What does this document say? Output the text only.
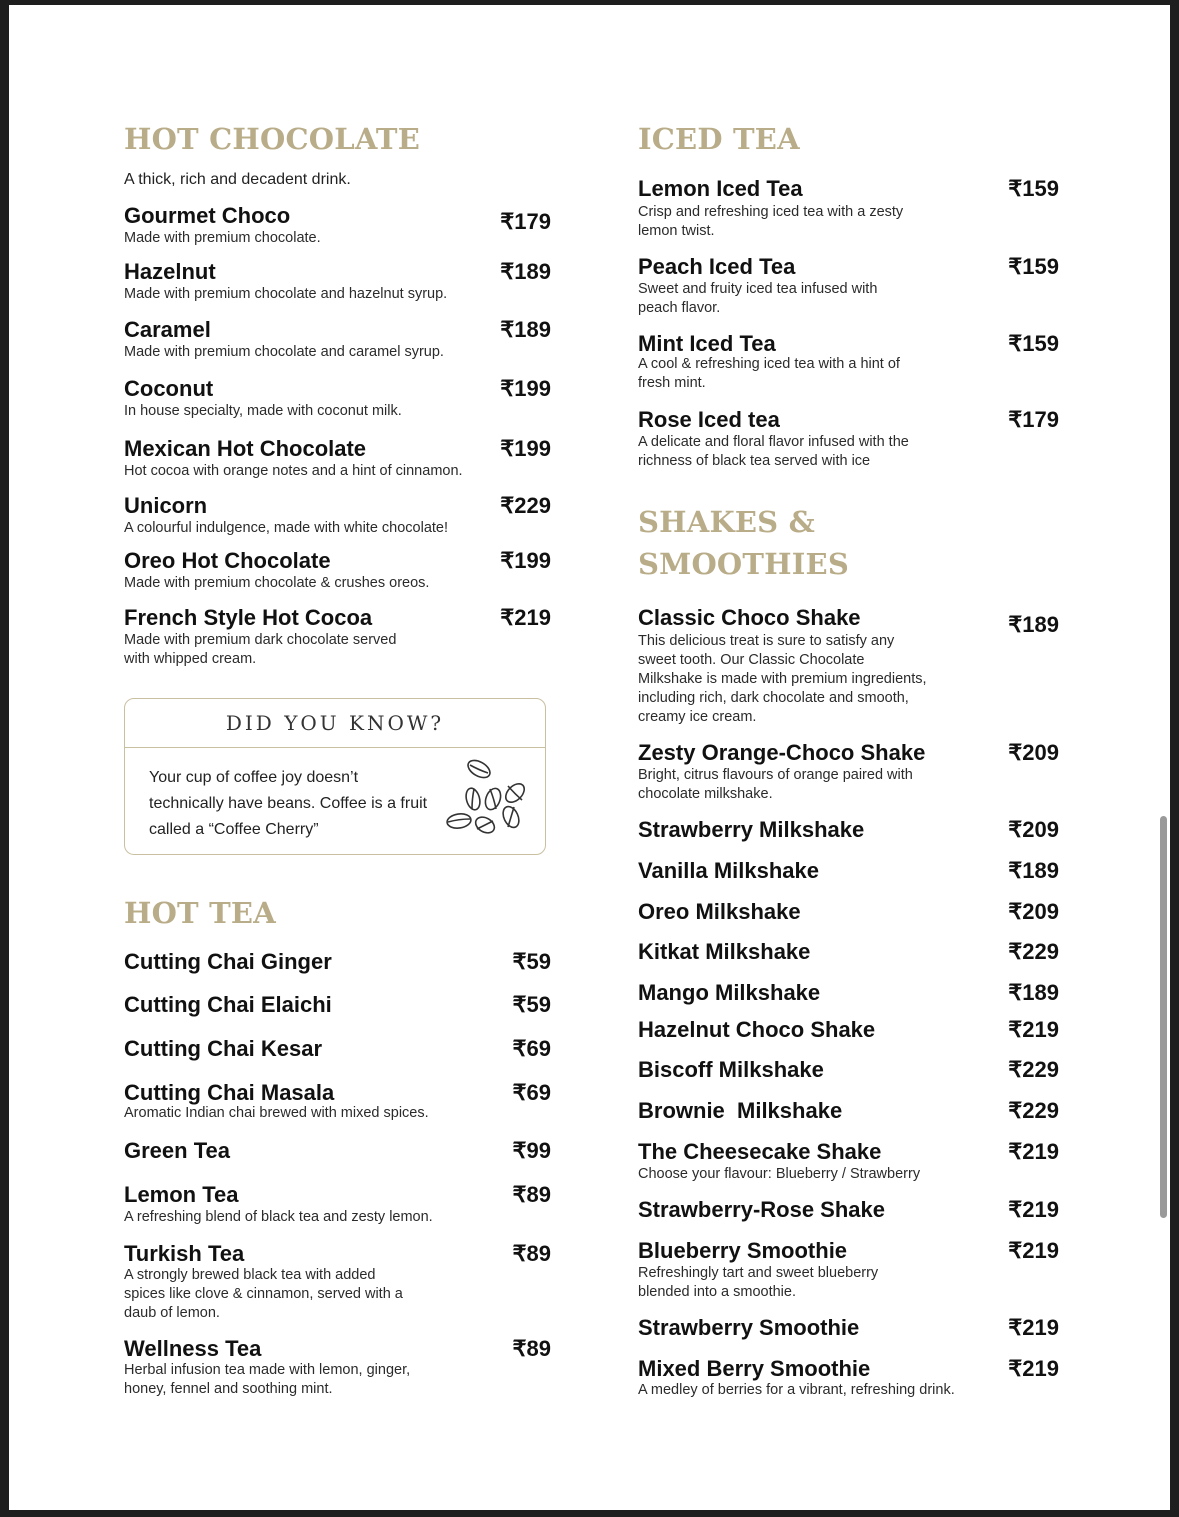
HOT CHOCOLATE
A thick, rich and decadent drink.
Gourmet Choco	₹179
Made with premium chocolate.
Hazelnut	₹189
Made with premium chocolate and hazelnut syrup.
Caramel	₹189
Made with premium chocolate and caramel syrup.
Coconut	₹199
In house specialty, made with coconut milk.
Mexican Hot Chocolate	₹199
Hot cocoa with orange notes and a hint of cinnamon.
Unicorn	₹229
A colourful indulgence, made with white chocolate!
Oreo Hot Chocolate	₹199
Made with premium chocolate & crushes oreos.
French Style Hot Cocoa	₹219
Made with premium dark chocolate served
with whipped cream.
DID YOU KNOW?
Your cup of coffee joy doesn’t
technically have beans. Coffee is a fruit
called a “Coffee Cherry”
HOT TEA
Cutting Chai Ginger	₹59
Cutting Chai Elaichi	₹59
Cutting Chai Kesar	₹69
Cutting Chai Masala	₹69
Aromatic Indian chai brewed with mixed spices.
Green Tea	₹99
Lemon Tea	₹89
A refreshing blend of black tea and zesty lemon.
Turkish Tea	₹89
A strongly brewed black tea with added
spices like clove & cinnamon, served with a
daub of lemon.
Wellness Tea	₹89
Herbal infusion tea made with lemon, ginger,
honey, fennel and soothing mint.
ICED TEA
Lemon Iced Tea	₹159
Crisp and refreshing iced tea with a zesty
lemon twist.
Peach Iced Tea	₹159
Sweet and fruity iced tea infused with
peach flavor.
Mint Iced Tea	₹159
A cool & refreshing iced tea with a hint of
fresh mint.
Rose Iced tea	₹179
A delicate and floral flavor infused with the
richness of black tea served with ice
SHAKES &
SMOOTHIES
Classic Choco Shake	₹189
This delicious treat is sure to satisfy any
sweet tooth. Our Classic Chocolate
Milkshake is made with premium ingredients,
including rich, dark chocolate and smooth,
creamy ice cream.
Zesty Orange-Choco Shake	₹209
Bright, citrus flavours of orange paired with
chocolate milkshake.
Strawberry Milkshake	₹209
Vanilla Milkshake	₹189
Oreo Milkshake	₹209
Kitkat Milkshake	₹229
Mango Milkshake	₹189
Hazelnut Choco Shake	₹219
Biscoff Milkshake	₹229
Brownie  Milkshake	₹229
The Cheesecake Shake	₹219
Choose your flavour: Blueberry / Strawberry
Strawberry-Rose Shake	₹219
Blueberry Smoothie	₹219
Refreshingly tart and sweet blueberry
blended into a smoothie.
Strawberry Smoothie	₹219
Mixed Berry Smoothie	₹219
A medley of berries for a vibrant, refreshing drink.
